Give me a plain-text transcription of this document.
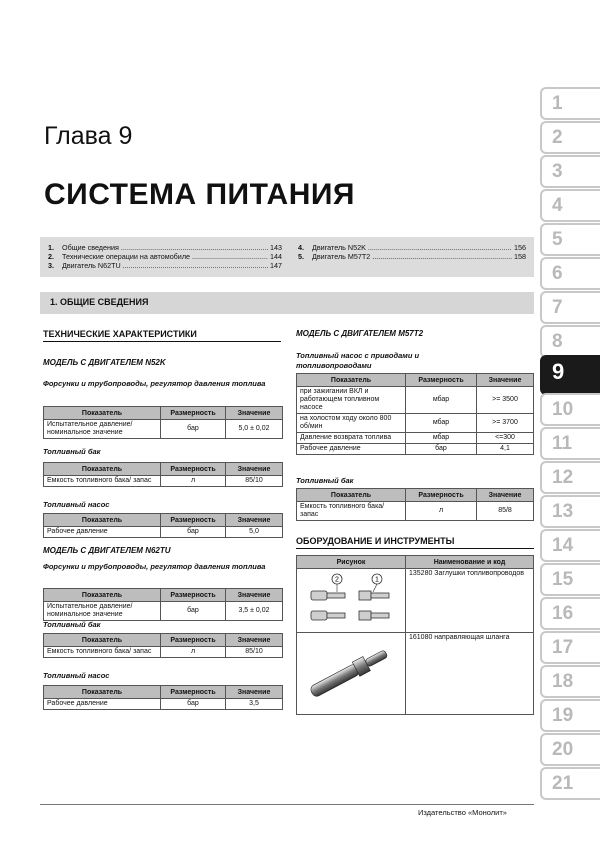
Глава 9
СИСТЕМА ПИТАНИЯ
1.	Общие сведения .....	143
2.	Технические операции на автомобиле .....	144
3.	Двигатель N62TU .....	147
4.	Двигатель N52K .....	156
5.	Двигатель M57T2 .....	158
1. ОБЩИЕ СВЕДЕНИЯ
ТЕХНИЧЕСКИЕ ХАРАКТЕРИСТИКИ
МОДЕЛЬ С ДВИГАТЕЛЕМ N52K
Форсунки и трубопроводы, регулятор давления топлива
Показатель	Размерность	Значение
Испытательное давление/ номинальное значение	бар	5,0 ± 0,02
Топливный бак
Показатель	Размерность	Значение
Емкость топливного бака/ запас	л	85/10
Топливный насос
Показатель	Размерность	Значение
Рабочее давление	бар	5,0
МОДЕЛЬ С ДВИГАТЕЛЕМ N62TU
Форсунки и трубопроводы, регулятор давления топлива
Показатель	Размерность	Значение
Испытательное давление/ номинальное значение	бар	3,5 ± 0,02
Топливный бак
Показатель	Размерность	Значение
Емкость топливного бака/ запас	л	85/10
Топливный насос
Показатель	Размерность	Значение
Рабочее давление	бар	3,5
МОДЕЛЬ С ДВИГАТЕЛЕМ M57T2
Топливный насос с приводами и топливопроводами
Показатель	Размерность	Значение
при зажигании ВКЛ и работающем топливном насосе	мбар	>= 3500
на холостом ходу около 800 об/мин	мбар	>= 3700
Давление возврата топлива	мбар	<=300
Рабочее давление	бар	4,1
Топливный бак
Показатель	Размерность	Значение
Емкость топливного бака/ запас	л	85/8
ОБОРУДОВАНИЕ И ИНСТРУМЕНТЫ
Рисунок	Наименование и код

2 1	135280 Заглушки топливопроводов
	161080 направляющая шланга
1
2
3
4
5
6
7
8
9
10
11
12
13
14
15
16
17
18
19
20
21
Издательство «Монолит»
